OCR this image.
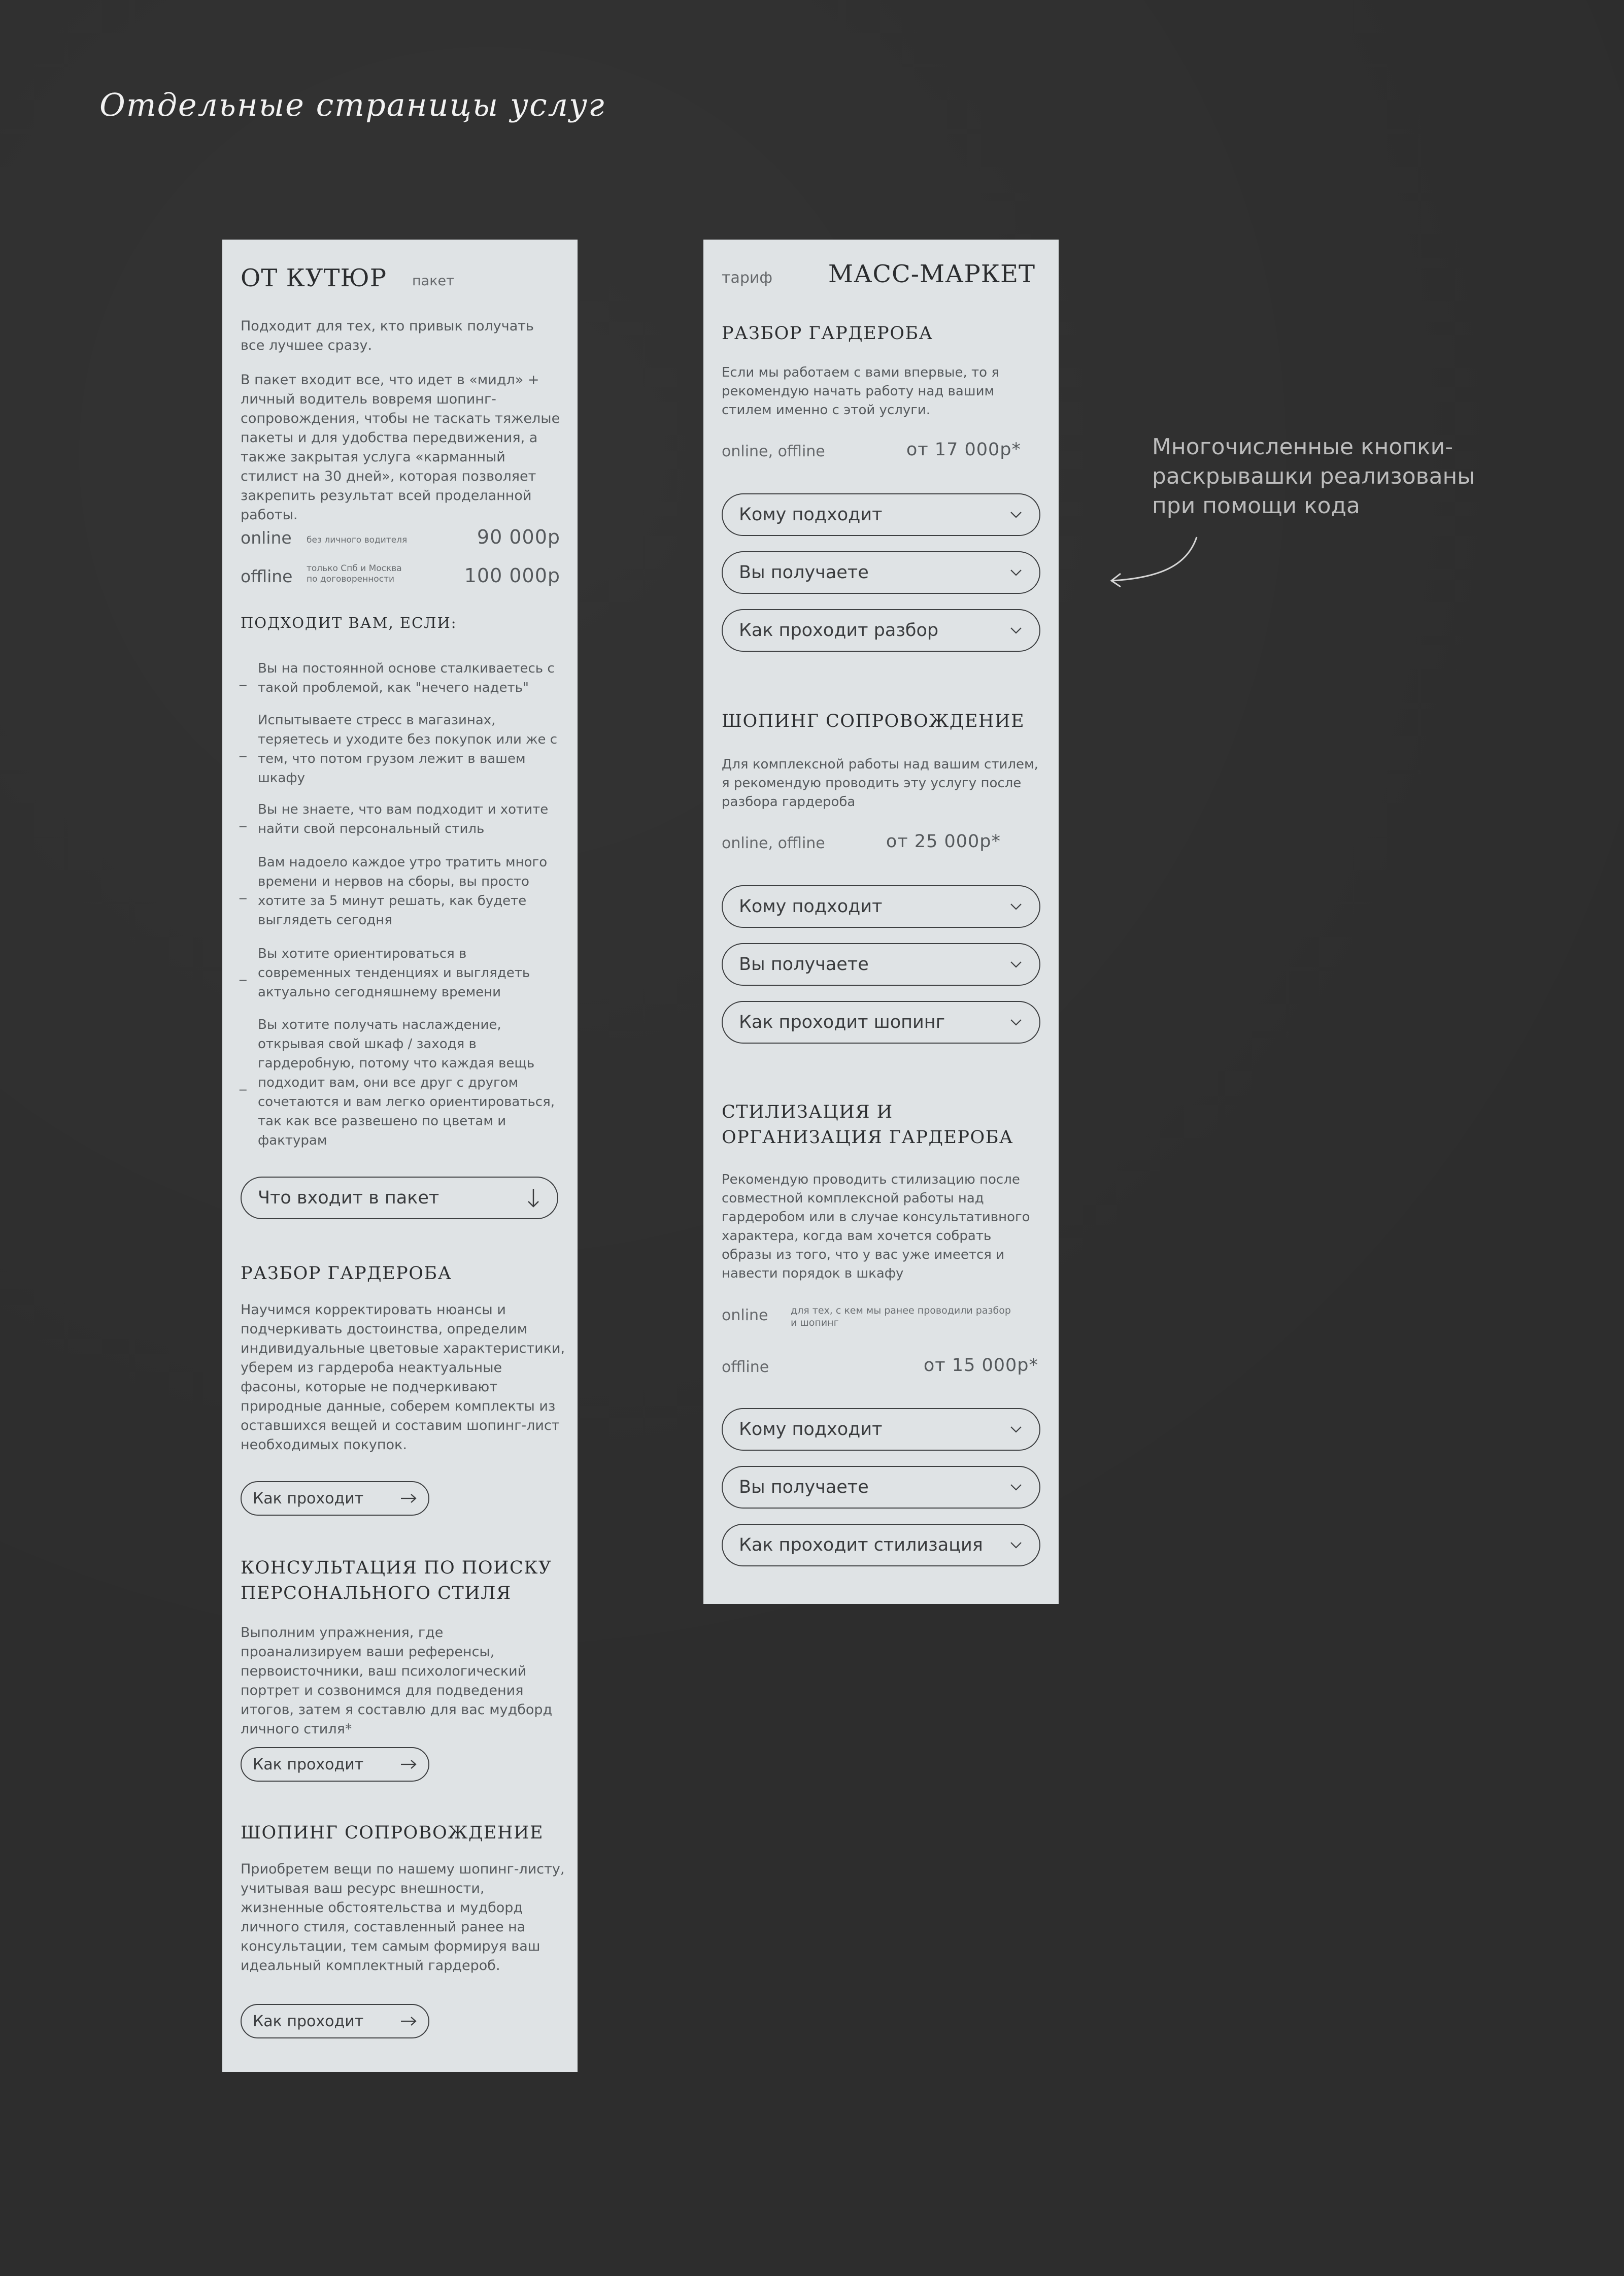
Отдельные страницы услуг
ОТ КУТЮР пакет
Подходит для тех, кто привык получать все лучшее сразу.
В пакет входит все, что идет в «мидл» + личный водитель вовремя шопинг-сопровождения, чтобы не таскать тяжелые пакеты и для удобства передвижения, а также закрытая услуга «карманный стилист на 30 дней», которая позволяет закрепить результат всей проделанной работы.
online без личного водителя	90 000р
offline только Спб и Москва по договоренности	100 000р
ПОДХОДИТ ВАМ, ЕСЛИ:
_
Вы на постоянной основе сталкиваетесь с такой проблемой, как "нечего надеть"
_
Испытываете стресс в магазинах, теряетесь и уходите без покупок или же с тем, что потом грузом лежит в вашем шкафу
_
Вы не знаете, что вам подходит и хотите найти свой персональный стиль
_
Вам надоело каждое утро тратить много времени и нервов на сборы, вы просто хотите за 5 минут решать, как будете выглядеть сегодня
_
Вы хотите ориентироваться в современных тенденциях и выглядеть актуально сегодняшнему времени
_
Вы хотите получать наслаждение, открывая свой шкаф / заходя в гардеробную, потому что каждая вещь подходит вам, они все друг с другом сочетаются и вам легко ориентироваться, так как все развешено по цветам и фактурам
Что входит в пакет
РАЗБОР ГАРДЕРОБА
Научимся корректировать нюансы и подчеркивать достоинства, определим индивидуальные цветовые характеристики, уберем из гардероба неактуальные фасоны, которые не подчеркивают природные данные, соберем комплекты из оставшихся вещей и составим шопинг-лист необходимых покупок.
Как проходит
КОНСУЛЬТАЦИЯ ПО ПОИСКУ ПЕРСОНАЛЬНОГО СТИЛЯ
Выполним упражнения, где проанализируем ваши референсы, первоисточники, ваш психологический портрет и созвонимся для подведения итогов, затем я составлю для вас мудборд личного стиля*
Как проходит
ШОПИНГ СОПРОВОЖДЕНИЕ
Приобретем вещи по нашему шопинг-листу, учитывая ваш ресурс внешности, жизненные обстоятельства и мудборд личного стиля, составленный ранее на консультации, тем самым формируя ваш идеальный комплектный гардероб.
Как проходит
тариф МАСС-МАРКЕТ
РАЗБОР ГАРДЕРОБА
Если мы работаем с вами впервые, то я рекомендую начать работу над вашим стилем именно с этой услуги.
online, offline	от 17 000р*
Кому подходит
Вы получаете
Как проходит разбор
ШОПИНГ СОПРОВОЖДЕНИЕ
Для комплексной работы над вашим стилем, я рекомендую проводить эту услугу после разбора гардероба
online, offline	от 25 000р*
Кому подходит
Вы получаете
Как проходит шопинг
СТИЛИЗАЦИЯ И ОРГАНИЗАЦИЯ ГАРДЕРОБА
Рекомендую проводить стилизацию после совместной комплексной работы над гардеробом или в случае консультативного характера, когда вам хочется собрать образы из того, что у вас уже имеется и навести порядок в шкафу
online для тех, с кем мы ранее проводили разбор и шопинг
offline	от 15 000р*
Кому подходит
Вы получаете
Как проходит стилизация
Многочисленные кнопки-раскрывашки реализованы при помощи кода
